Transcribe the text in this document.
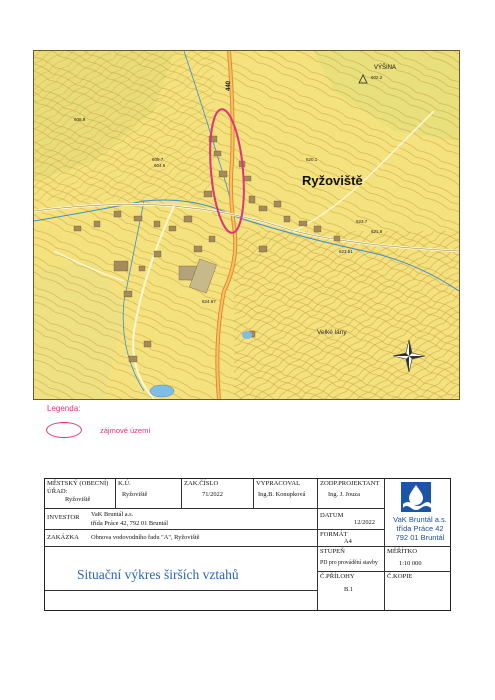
Ryžoviště
VÝŠINA
Velké lány
440
602.2
608.9
604.6
609.7	620.1
623.7
624.67
621.8
623.51
Legenda:
zájmové území
MĚSTSKÝ (OBECNÍ) ÚŘAD:
Ryžoviště
K.Ú.
Ryžoviště
ZAK.ČÍSLO
71/2022
VYPRACOVAL
Ing.B. Konupková
ZODP.PROJEKTANT
Ing. J. Jouza
VaK Bruntál a.s.
třída Práce 42
792 01 Bruntál
INVESTOR VaK Bruntál a.s.
třída Práce 42, 792 01 Bruntál
DATUM
12/2022
ZAKÁZKA Obnova vodovodního řadu "A", Ryžoviště	FORMÁT
A4
Situační výkres širších vztahů
STUPEŇ
PD pro provádění stavby
MĚŘÍTKO
1:10 000
Č.PŘÍLOHY
B.1
Č.KOPIE
